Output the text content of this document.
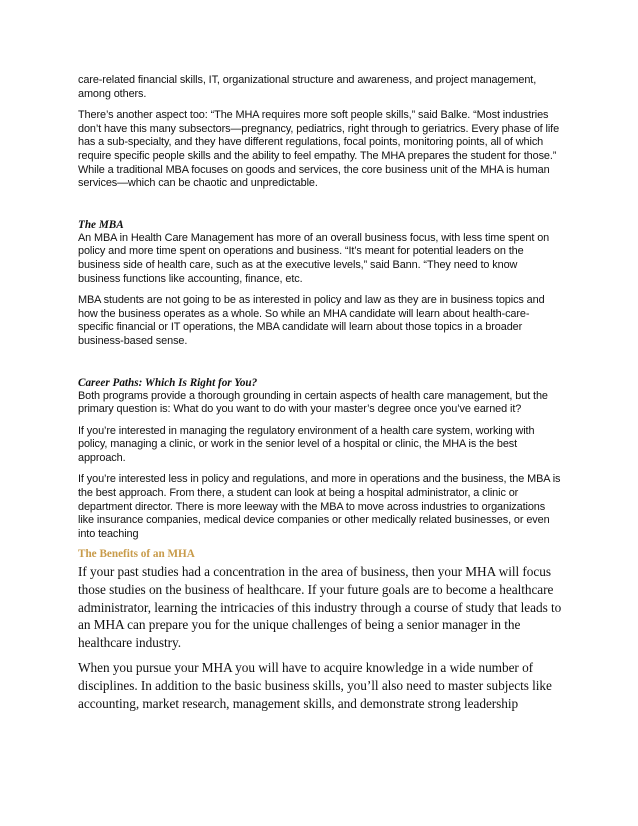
care-related financial skills, IT, organizational structure and awareness, and project management, among others.

There’s another aspect too: “The MHA requires more soft people skills,” said Balke. “Most industries don’t have this many subsectors—pregnancy, pediatrics, right through to geriatrics. Every phase of life has a sub-specialty, and they have different regulations, focal points, monitoring points, all of which require specific people skills and the ability to feel empathy. The MHA prepares the student for those.” While a traditional MBA focuses on goods and services, the core business unit of the MHA is human services—which can be chaotic and unpredictable.

The MBA

An MBA in Health Care Management has more of an overall business focus, with less time spent on policy and more time spent on operations and business. “It’s meant for potential leaders on the business side of health care, such as at the executive levels,” said Bann. “They need to know business functions like accounting, finance, etc.

MBA students are not going to be as interested in policy and law as they are in business topics and how the business operates as a whole. So while an MHA candidate will learn about health-care-specific financial or IT operations, the MBA candidate will learn about those topics in a broader business-based sense.

Career Paths: Which Is Right for You?

Both programs provide a thorough grounding in certain aspects of health care management, but the primary question is: What do you want to do with your master’s degree once you’ve earned it?

If you’re interested in managing the regulatory environment of a health care system, working with policy, managing a clinic, or work in the senior level of a hospital or clinic, the MHA is the best approach.

If you’re interested less in policy and regulations, and more in operations and the business, the MBA is the best approach. From there, a student can look at being a hospital administrator, a clinic or department director. There is more leeway with the MBA to move across industries to organizations like insurance companies, medical device companies or other medically related businesses, or even into teaching

The Benefits of an MHA

If your past studies had a concentration in the area of business, then your MHA will focus those studies on the business of healthcare. If your future goals are to become a healthcare administrator, learning the intricacies of this industry through a course of study that leads to an MHA can prepare you for the unique challenges of being a senior manager in the healthcare industry.

When you pursue your MHA you will have to acquire knowledge in a wide number of disciplines. In addition to the basic business skills, you’ll also need to master subjects like accounting, market research, management skills, and demonstrate strong leadership
